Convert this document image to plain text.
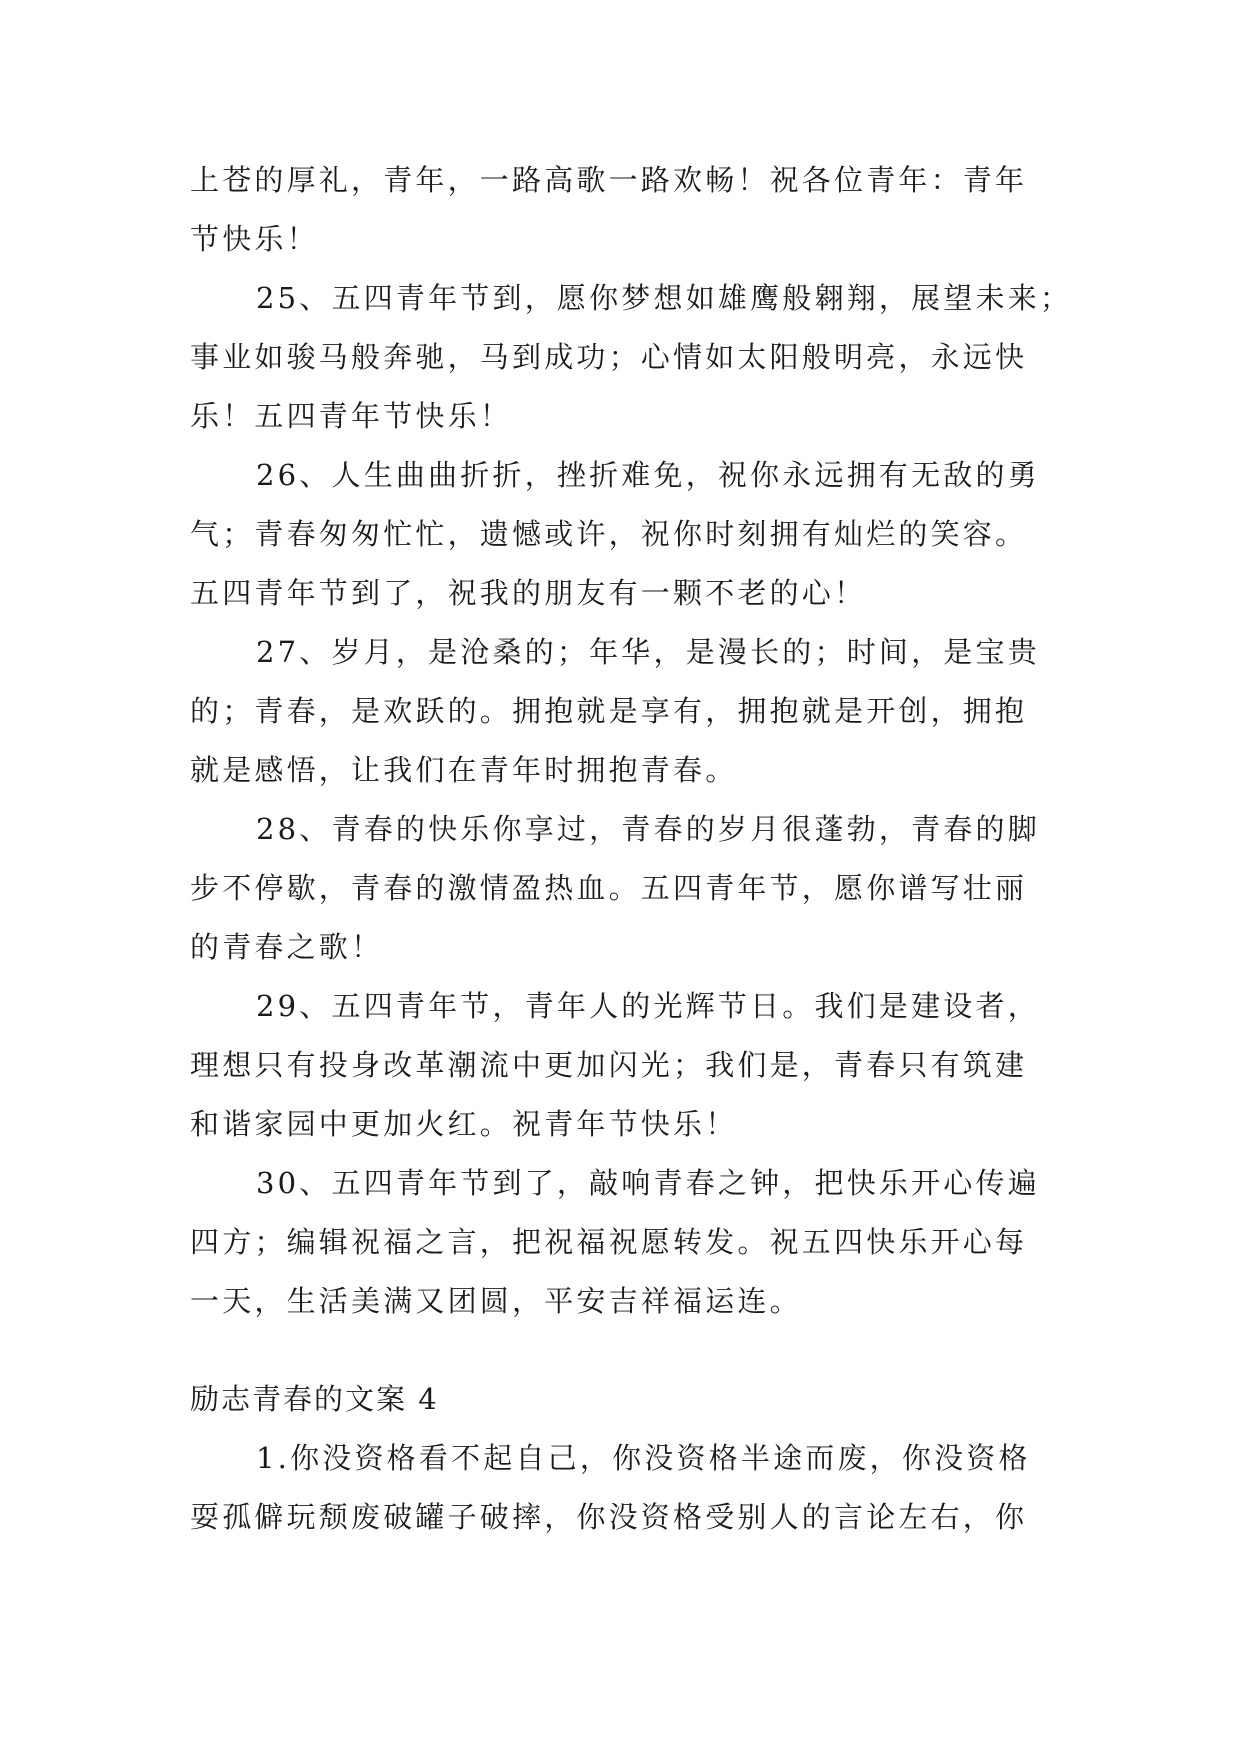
上苍的厚礼，青年，一路高歌一路欢畅！祝各位青年：青年
节快乐！
25、五四青年节到，愿你梦想如雄鹰般翱翔，展望未来；
事业如骏马般奔驰，马到成功；心情如太阳般明亮，永远快
乐！五四青年节快乐！
26、人生曲曲折折，挫折难免，祝你永远拥有无敌的勇
气；青春匆匆忙忙，遗憾或许，祝你时刻拥有灿烂的笑容。
五四青年节到了，祝我的朋友有一颗不老的心！
27、岁月，是沧桑的；年华，是漫长的；时间，是宝贵
的；青春，是欢跃的。拥抱就是享有，拥抱就是开创，拥抱
就是感悟，让我们在青年时拥抱青春。
28、青春的快乐你享过，青春的岁月很蓬勃，青春的脚
步不停歇，青春的激情盈热血。五四青年节，愿你谱写壮丽
的青春之歌！
29、五四青年节，青年人的光辉节日。我们是建设者，
理想只有投身改革潮流中更加闪光；我们是，青春只有筑建
和谐家园中更加火红。祝青年节快乐！
30、五四青年节到了，敲响青春之钟，把快乐开心传遍
四方；编辑祝福之言，把祝福祝愿转发。祝五四快乐开心每
一天，生活美满又团圆，平安吉祥福运连。
励志青春的文案 4
1.你没资格看不起自己，你没资格半途而废，你没资格
耍孤僻玩颓废破罐子破摔，你没资格受别人的言论左右，你
